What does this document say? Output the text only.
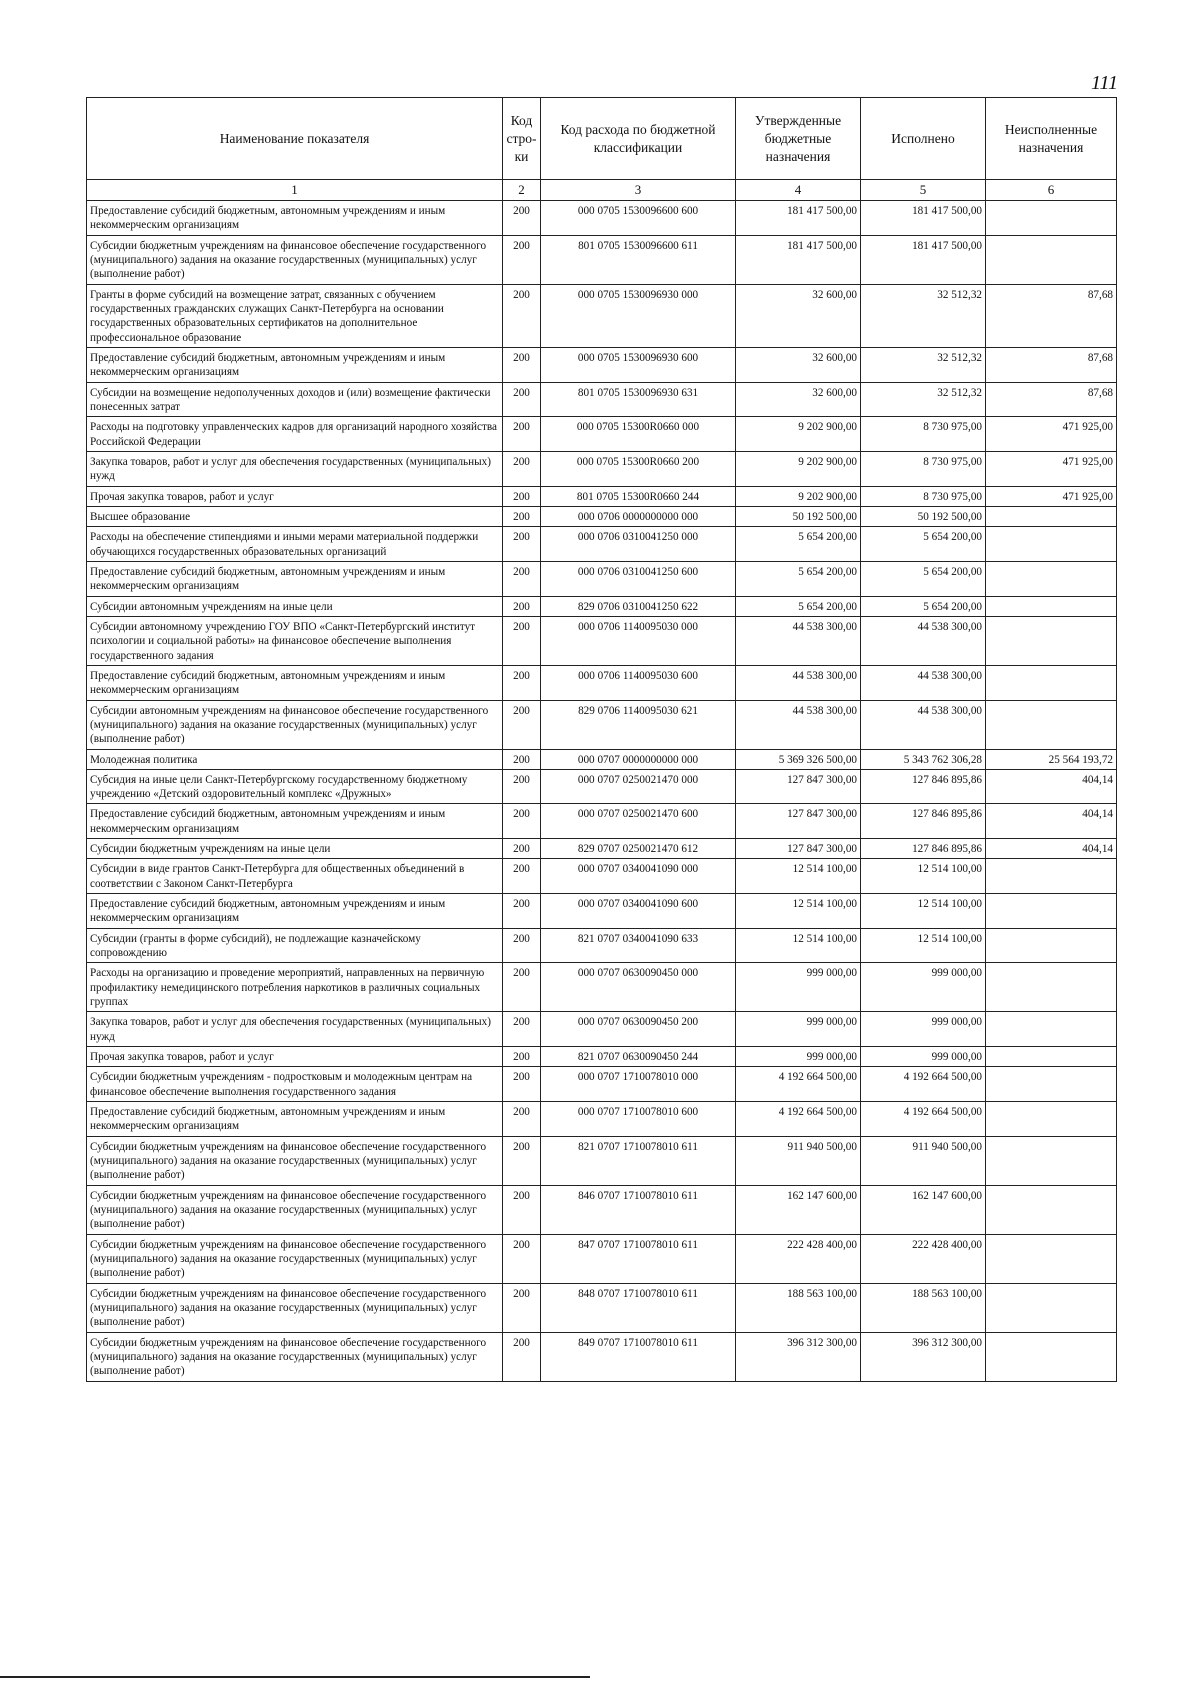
111
Наименование показателя	Код стро-ки	Код расхода по бюджетной классификации	Утвержденные бюджетные назначения	Исполнено	Неисполненные назначения
1	2	3	4	5	6
Предоставление субсидий бюджетным, автономным учреждениям и иным некоммерческим организациям	200	000 0705 1530096600 600	181 417 500,00	181 417 500,00	
Субсидии бюджетным учреждениям на финансовое обеспечение государственного (муниципального) задания на оказание государственных (муниципальных) услуг (выполнение работ)	200	801 0705 1530096600 611	181 417 500,00	181 417 500,00	
Гранты в форме субсидий на возмещение затрат, связанных с обучением государственных гражданских служащих Санкт-Петербурга на основании государственных образовательных сертификатов на дополнительное профессиональное образование	200	000 0705 1530096930 000	32 600,00	32 512,32	87,68
Предоставление субсидий бюджетным, автономным учреждениям и иным некоммерческим организациям	200	000 0705 1530096930 600	32 600,00	32 512,32	87,68
Субсидии на возмещение недополученных доходов и (или) возмещение фактически понесенных затрат	200	801 0705 1530096930 631	32 600,00	32 512,32	87,68
Расходы на подготовку управленческих кадров для организаций народного хозяйства Российской Федерации	200	000 0705 15300R0660 000	9 202 900,00	8 730 975,00	471 925,00
Закупка товаров, работ и услуг для обеспечения государственных (муниципальных) нужд	200	000 0705 15300R0660 200	9 202 900,00	8 730 975,00	471 925,00
Прочая закупка товаров, работ и услуг	200	801 0705 15300R0660 244	9 202 900,00	8 730 975,00	471 925,00
Высшее образование	200	000 0706 0000000000 000	50 192 500,00	50 192 500,00	
Расходы на обеспечение стипендиями и иными мерами материальной поддержки обучающихся государственных образовательных организаций	200	000 0706 0310041250 000	5 654 200,00	5 654 200,00	
Предоставление субсидий бюджетным, автономным учреждениям и иным некоммерческим организациям	200	000 0706 0310041250 600	5 654 200,00	5 654 200,00	
Субсидии автономным учреждениям на иные цели	200	829 0706 0310041250 622	5 654 200,00	5 654 200,00	
Субсидии автономному учреждению ГОУ ВПО «Санкт-Петербургский институт психологии и социальной работы» на финансовое обеспечение выполнения государственного задания	200	000 0706 1140095030 000	44 538 300,00	44 538 300,00	
Предоставление субсидий бюджетным, автономным учреждениям и иным некоммерческим организациям	200	000 0706 1140095030 600	44 538 300,00	44 538 300,00	
Субсидии автономным учреждениям на финансовое обеспечение государственного (муниципального) задания на оказание государственных (муниципальных) услуг (выполнение работ)	200	829 0706 1140095030 621	44 538 300,00	44 538 300,00	
Молодежная политика	200	000 0707 0000000000 000	5 369 326 500,00	5 343 762 306,28	25 564 193,72
Субсидия на иные цели Санкт-Петербургскому государственному бюджетному учреждению «Детский оздоровительный комплекс «Дружных»	200	000 0707 0250021470 000	127 847 300,00	127 846 895,86	404,14
Предоставление субсидий бюджетным, автономным учреждениям и иным некоммерческим организациям	200	000 0707 0250021470 600	127 847 300,00	127 846 895,86	404,14
Субсидии бюджетным учреждениям на иные цели	200	829 0707 0250021470 612	127 847 300,00	127 846 895,86	404,14
Субсидии в виде грантов Санкт-Петербурга для общественных объединений в соответствии с Законом Санкт-Петербурга	200	000 0707 0340041090 000	12 514 100,00	12 514 100,00	
Предоставление субсидий бюджетным, автономным учреждениям и иным некоммерческим организациям	200	000 0707 0340041090 600	12 514 100,00	12 514 100,00	
Субсидии (гранты в форме субсидий), не подлежащие казначейскому сопровождению	200	821 0707 0340041090 633	12 514 100,00	12 514 100,00	
Расходы на организацию и проведение мероприятий, направленных на первичную профилактику немедицинского потребления наркотиков в различных социальных группах	200	000 0707 0630090450 000	999 000,00	999 000,00	
Закупка товаров, работ и услуг для обеспечения государственных (муниципальных) нужд	200	000 0707 0630090450 200	999 000,00	999 000,00	
Прочая закупка товаров, работ и услуг	200	821 0707 0630090450 244	999 000,00	999 000,00	
Субсидии бюджетным учреждениям - подростковым и молодежным центрам на финансовое обеспечение выполнения государственного задания	200	000 0707 1710078010 000	4 192 664 500,00	4 192 664 500,00	
Предоставление субсидий бюджетным, автономным учреждениям и иным некоммерческим организациям	200	000 0707 1710078010 600	4 192 664 500,00	4 192 664 500,00	
Субсидии бюджетным учреждениям на финансовое обеспечение государственного (муниципального) задания на оказание государственных (муниципальных) услуг (выполнение работ)	200	821 0707 1710078010 611	911 940 500,00	911 940 500,00	
Субсидии бюджетным учреждениям на финансовое обеспечение государственного (муниципального) задания на оказание государственных (муниципальных) услуг (выполнение работ)	200	846 0707 1710078010 611	162 147 600,00	162 147 600,00	
Субсидии бюджетным учреждениям на финансовое обеспечение государственного (муниципального) задания на оказание государственных (муниципальных) услуг (выполнение работ)	200	847 0707 1710078010 611	222 428 400,00	222 428 400,00	
Субсидии бюджетным учреждениям на финансовое обеспечение государственного (муниципального) задания на оказание государственных (муниципальных) услуг (выполнение работ)	200	848 0707 1710078010 611	188 563 100,00	188 563 100,00	
Субсидии бюджетным учреждениям на финансовое обеспечение государственного (муниципального) задания на оказание государственных (муниципальных) услуг (выполнение работ)	200	849 0707 1710078010 611	396 312 300,00	396 312 300,00	
